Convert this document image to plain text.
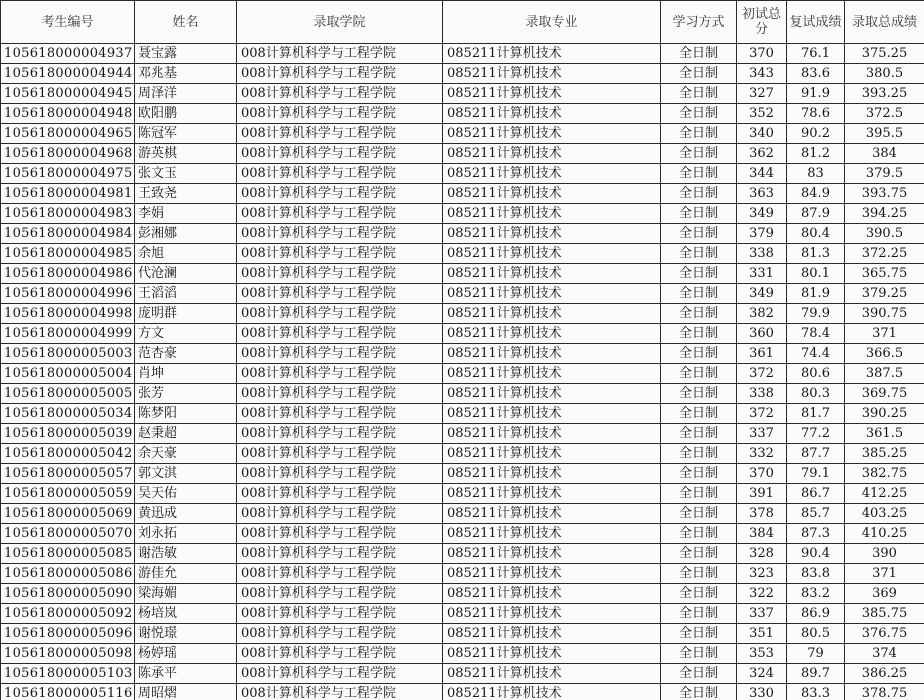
考生编号	姓名	录取学院	录取专业	学习方式	初试总分	复试成绩	录取总成绩
105618000004937	聂宝露	008计算机科学与工程学院	085211计算机技术	全日制	370	76.1	375.25
105618000004944	邓兆基	008计算机科学与工程学院	085211计算机技术	全日制	343	83.6	380.5
105618000004945	周泽洋	008计算机科学与工程学院	085211计算机技术	全日制	327	91.9	393.25
105618000004948	欧阳鹏	008计算机科学与工程学院	085211计算机技术	全日制	352	78.6	372.5
105618000004965	陈冠军	008计算机科学与工程学院	085211计算机技术	全日制	340	90.2	395.5
105618000004968	游英棋	008计算机科学与工程学院	085211计算机技术	全日制	362	81.2	384
105618000004975	张文玉	008计算机科学与工程学院	085211计算机技术	全日制	344	83	379.5
105618000004981	王致尧	008计算机科学与工程学院	085211计算机技术	全日制	363	84.9	393.75
105618000004983	李娟	008计算机科学与工程学院	085211计算机技术	全日制	349	87.9	394.25
105618000004984	彭湘娜	008计算机科学与工程学院	085211计算机技术	全日制	379	80.4	390.5
105618000004985	余旭	008计算机科学与工程学院	085211计算机技术	全日制	338	81.3	372.25
105618000004986	代沧澜	008计算机科学与工程学院	085211计算机技术	全日制	331	80.1	365.75
105618000004996	王滔滔	008计算机科学与工程学院	085211计算机技术	全日制	349	81.9	379.25
105618000004998	庞明群	008计算机科学与工程学院	085211计算机技术	全日制	382	79.9	390.75
105618000004999	方文	008计算机科学与工程学院	085211计算机技术	全日制	360	78.4	371
105618000005003	范杏豪	008计算机科学与工程学院	085211计算机技术	全日制	361	74.4	366.5
105618000005004	肖坤	008计算机科学与工程学院	085211计算机技术	全日制	372	80.6	387.5
105618000005005	张芳	008计算机科学与工程学院	085211计算机技术	全日制	338	80.3	369.75
105618000005034	陈梦阳	008计算机科学与工程学院	085211计算机技术	全日制	372	81.7	390.25
105618000005039	赵秉超	008计算机科学与工程学院	085211计算机技术	全日制	337	77.2	361.5
105618000005042	余天豪	008计算机科学与工程学院	085211计算机技术	全日制	332	87.7	385.25
105618000005057	郭文淇	008计算机科学与工程学院	085211计算机技术	全日制	370	79.1	382.75
105618000005059	吴天佑	008计算机科学与工程学院	085211计算机技术	全日制	391	86.7	412.25
105618000005069	黄迅成	008计算机科学与工程学院	085211计算机技术	全日制	378	85.7	403.25
105618000005070	刘永拓	008计算机科学与工程学院	085211计算机技术	全日制	384	87.3	410.25
105618000005085	谢浩敏	008计算机科学与工程学院	085211计算机技术	全日制	328	90.4	390
105618000005086	游佳允	008计算机科学与工程学院	085211计算机技术	全日制	323	83.8	371
105618000005090	梁海媚	008计算机科学与工程学院	085211计算机技术	全日制	322	83.2	369
105618000005092	杨培岚	008计算机科学与工程学院	085211计算机技术	全日制	337	86.9	385.75
105618000005096	谢悦璟	008计算机科学与工程学院	085211计算机技术	全日制	351	80.5	376.75
105618000005098	杨婷瑶	008计算机科学与工程学院	085211计算机技术	全日制	353	79	374
105618000005103	陈承平	008计算机科学与工程学院	085211计算机技术	全日制	324	89.7	386.25
105618000005116	周昭熠	008计算机科学与工程学院	085211计算机技术	全日制	330	83.3	378.75
